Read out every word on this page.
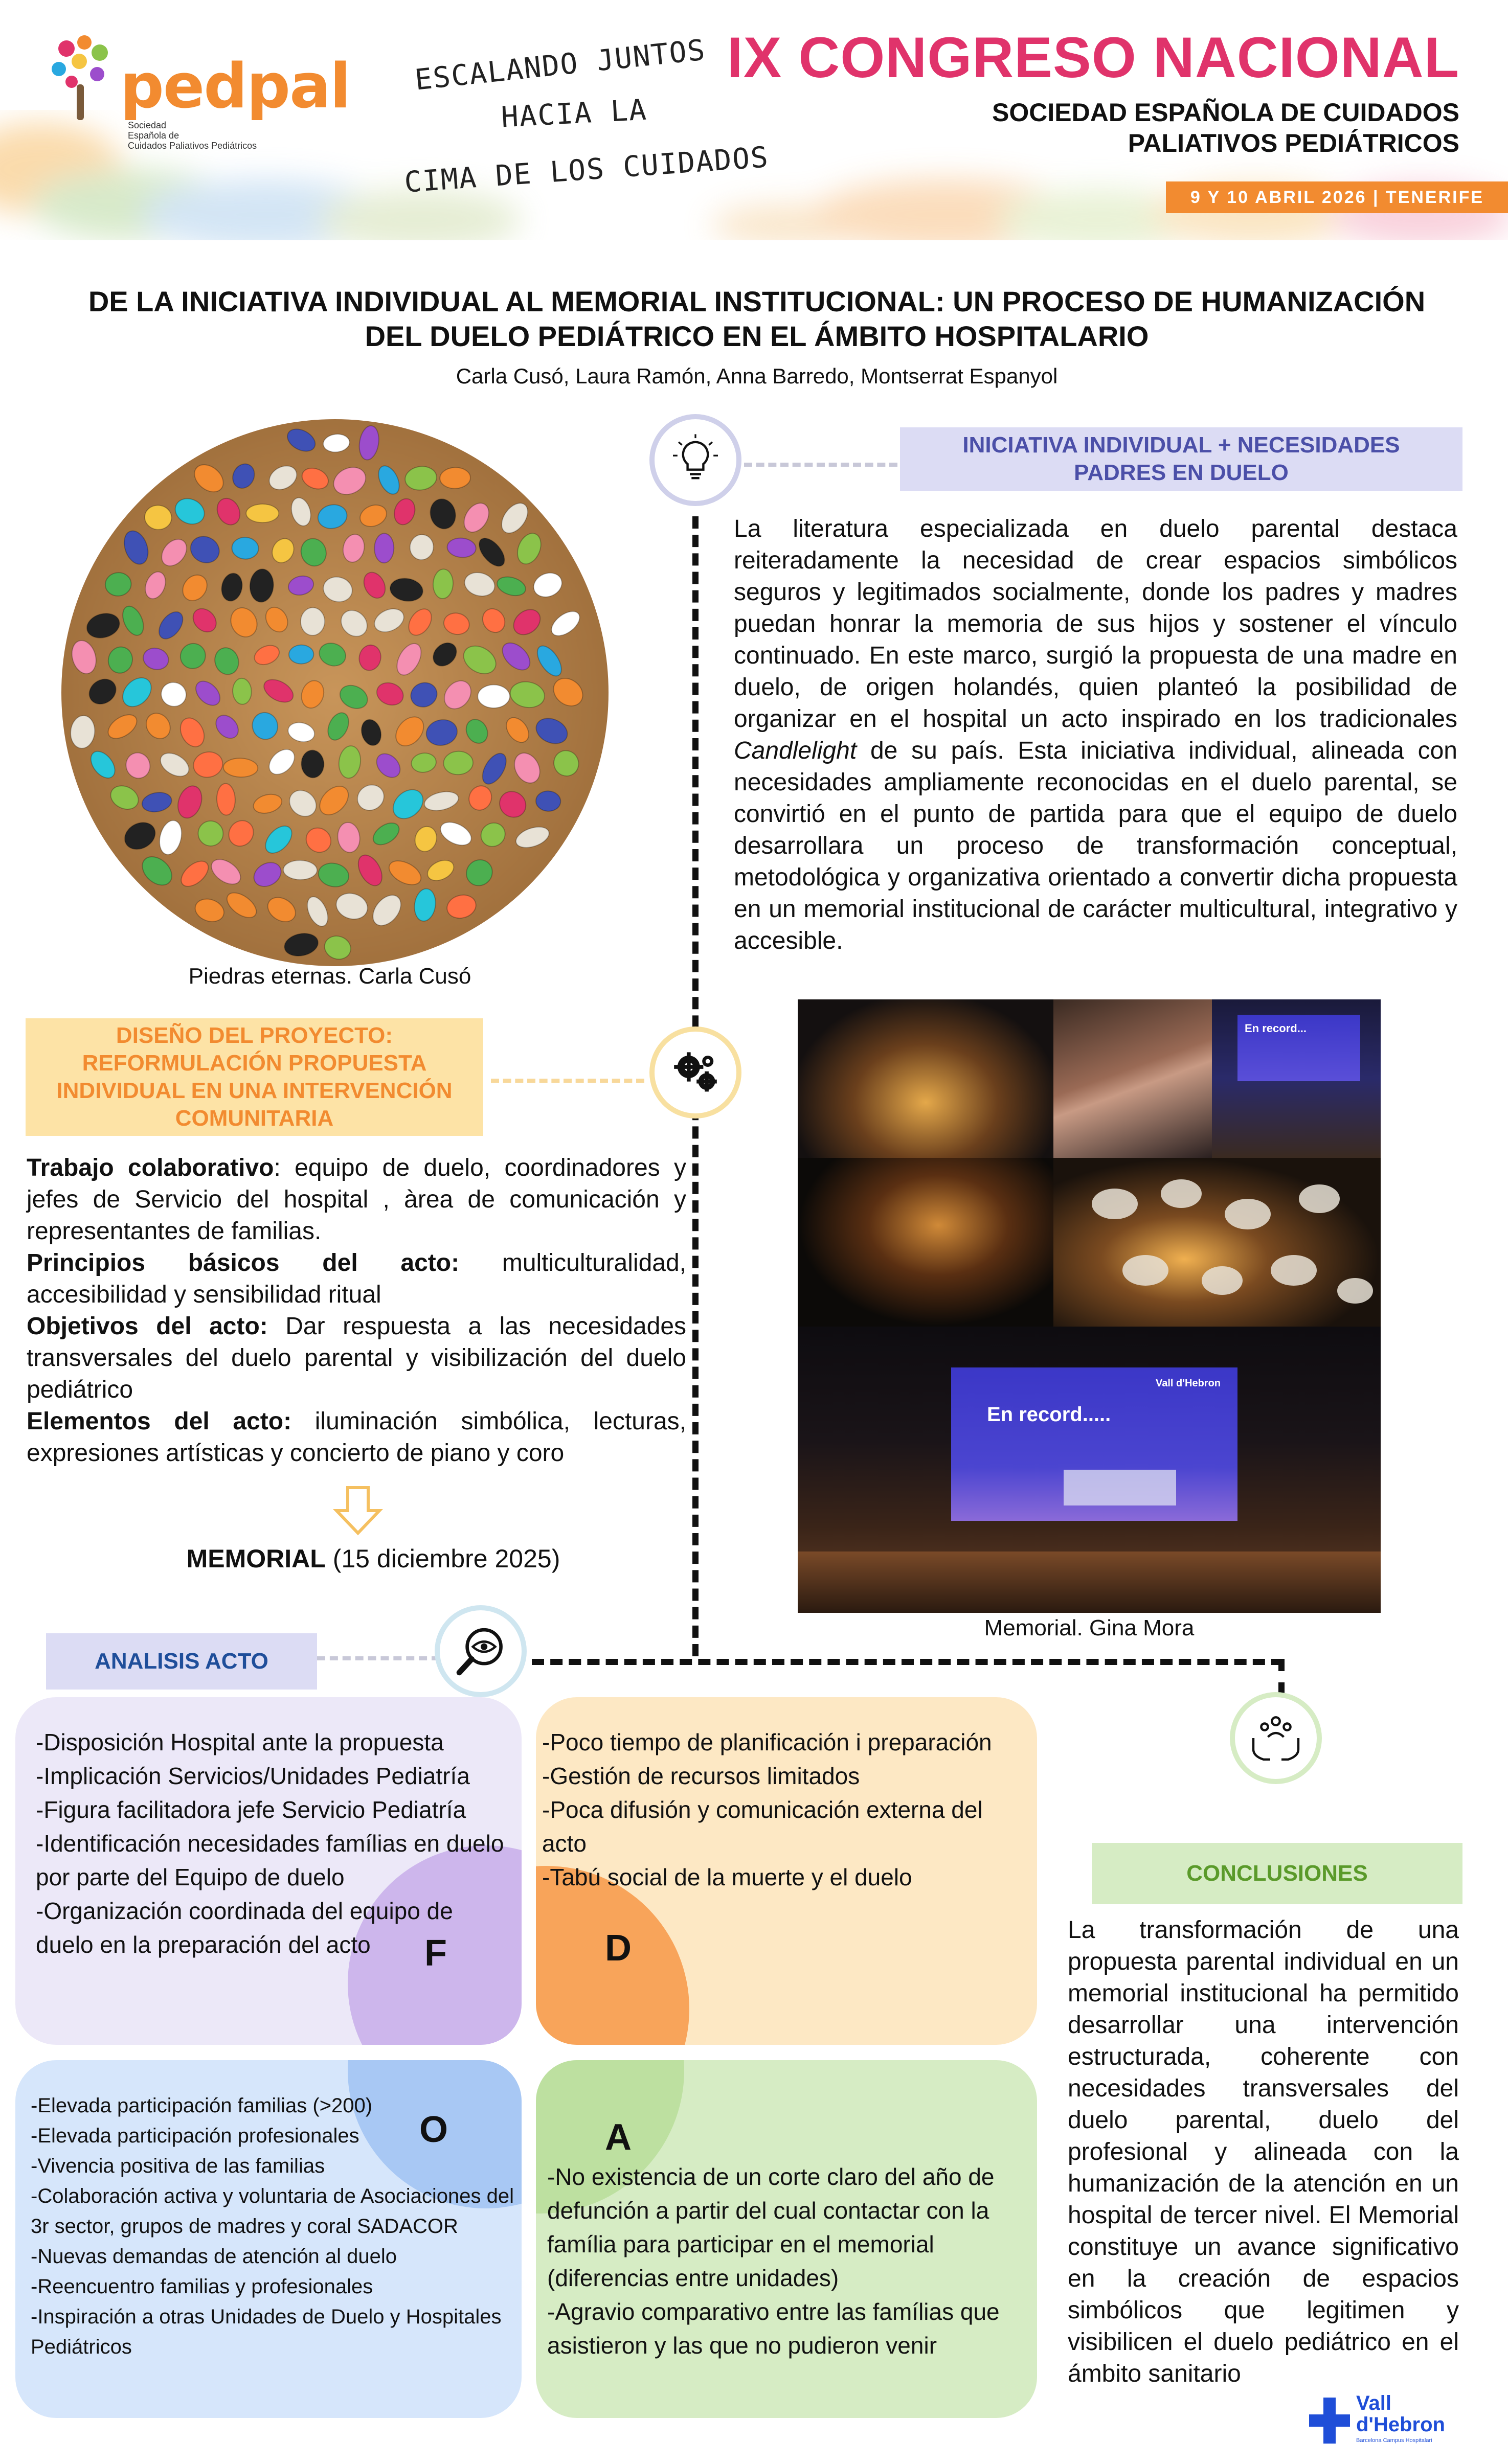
pedpal
Sociedad
Española de
Cuidados Paliativos Pediátricos
ESCALANDO JUNTOS
HACIA LA
CIMA DE LOS CUIDADOS
IX CONGRESO NACIONAL
SOCIEDAD ESPAÑOLA DE CUIDADOS
PALIATIVOS PEDIÁTRICOS
9 Y 10 ABRIL 2026 | TENERIFE
DE LA INICIATIVA INDIVIDUAL AL MEMORIAL INSTITUCIONAL: UN PROCESO DE HUMANIZACIÓN
DEL DUELO PEDIÁTRICO EN EL ÁMBITO HOSPITALARIO
Carla Cusó, Laura Ramón, Anna Barredo, Montserrat Espanyol
Piedras eternas. Carla Cusó
INICIATIVA INDIVIDUAL + NECESIDADES PADRES EN DUELO
La literatura especializada en duelo parental destaca reiteradamente la necesidad de crear espacios simbólicos seguros y legitimados socialmente, donde los padres y madres puedan honrar la memoria de sus hijos y sostener el vínculo continuado. En este marco, surgió la propuesta de una madre en duelo, de origen holandés, quien planteó la posibilidad de organizar en el hospital un acto inspirado en los tradicionales Candlelight de su país. Esta iniciativa individual, alineada con necesidades ampliamente reconocidas en el duelo parental, se convirtió en el punto de partida para que el equipo de duelo desarrollara un proceso de transformación conceptual, metodológica y organizativa orientado a convertir dicha propuesta en un memorial institucional de carácter multicultural, integrativo y accesible.
DISEÑO DEL PROYECTO: REFORMULACIÓN PROPUESTA INDIVIDUAL EN UNA INTERVENCIÓN COMUNITARIA
Trabajo colaborativo: equipo de duelo, coordinadores y jefes de Servicio del hospital , àrea de comunicación y representantes de familias.
Principios básicos del acto: multiculturalidad, accesibilidad y sensibilidad ritual
Objetivos del acto: Dar respuesta a las necesidades transversales del duelo parental y visibilización del duelo pediátrico
Elementos del acto: iluminación simbólica, lecturas, expresiones artísticas y concierto de piano y coro
MEMORIAL (15 diciembre 2025)
En record...
En record.....
Vall d'Hebron
Memorial. Gina Mora
ANALISIS ACTO
-Disposición Hospital ante la propuesta
-Implicación Servicios/Unidades Pediatría
-Figura facilitadora jefe Servicio Pediatría
-Identificación necesidades famílias en duelo por parte del Equipo de duelo
-Organización coordinada del equipo de duelo en la preparación del acto	F
-Poco tiempo de planificación i preparación
-Gestión de recursos limitados
-Poca difusión y comunicación externa del acto
-Tabú social de la muerte y el duelo
D
O
-Elevada participación familias (>200)
-Elevada participación profesionales
-Vivencia positiva de las familias
-Colaboración activa y voluntaria de Asociaciones del 3r sector, grupos de madres y coral SADACOR
-Nuevas demandas de atención al duelo
-Reencuentro familias y profesionales
-Inspiración a otras Unidades de Duelo y Hospitales Pediátricos
A
-No existencia de un corte claro del año de defunción a partir del cual contactar con la família para participar en el memorial (diferencias entre unidades)
-Agravio comparativo entre las famílias que asistieron y las que no pudieron venir
CONCLUSIONES
La transformación de una propuesta parental individual en un memorial institucional ha permitido desarrollar una intervención estructurada, coherente con necesidades transversales del duelo parental, duelo del profesional y alineada con la humanización de la atención en un hospital de tercer nivel. El Memorial constituye un avance significativo en la creación de espacios simbólicos que legitimen y visibilicen el duelo pediátrico en el ámbito sanitario
Vall
d'Hebron
Barcelona Campus Hospitalari
